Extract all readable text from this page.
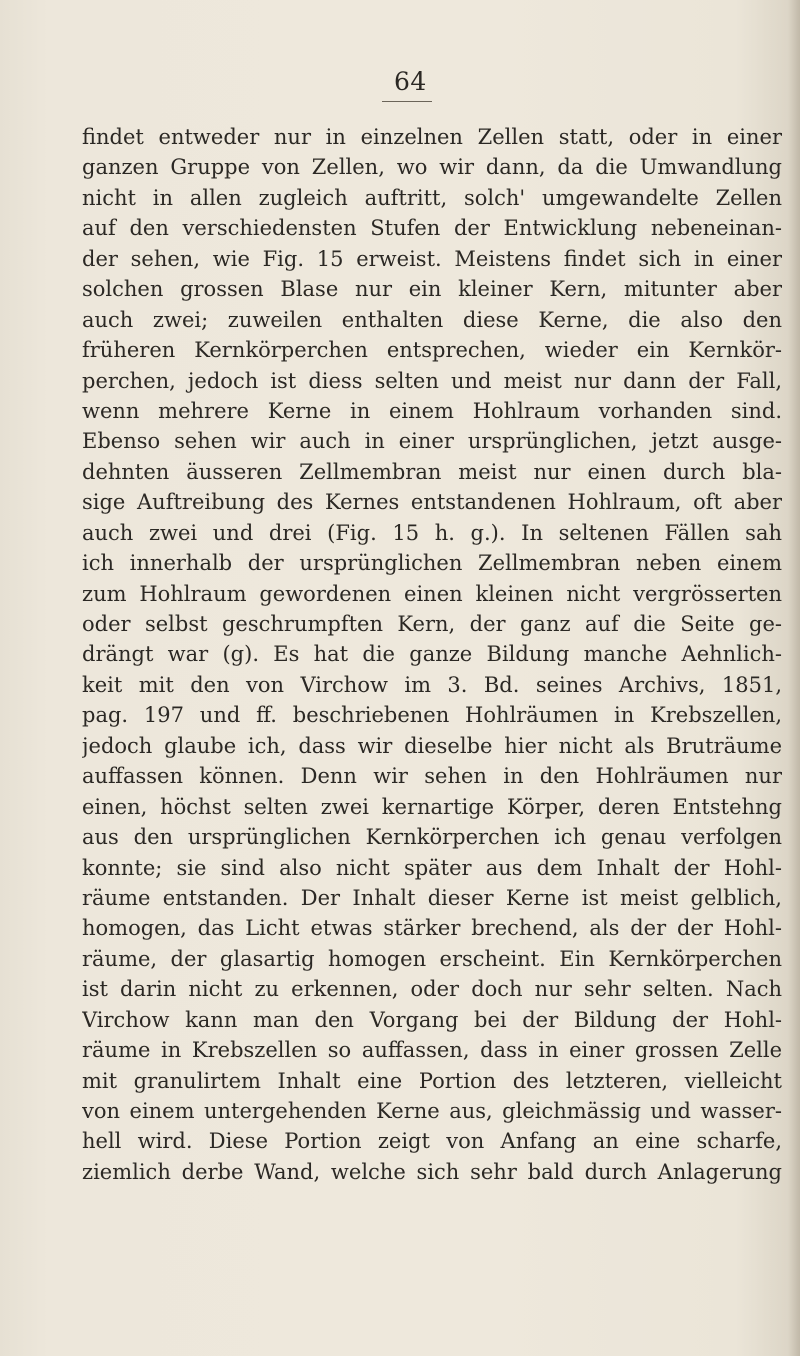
64
findet entweder nur in einzelnen Zellen statt, oder in einer
ganzen Gruppe von Zellen, wo wir dann, da die Umwandlung
nicht in allen zugleich auftritt, solch' umgewandelte Zellen
auf den verschiedensten Stufen der Entwicklung nebeneinan-
der sehen, wie Fig. 15 erweist. Meistens findet sich in einer
solchen grossen Blase nur ein kleiner Kern, mitunter aber
auch zwei; zuweilen enthalten diese Kerne, die also den
früheren Kernkörperchen entsprechen, wieder ein Kernkör-
perchen, jedoch ist diess selten und meist nur dann der Fall,
wenn mehrere Kerne in einem Hohlraum vorhanden sind.
Ebenso sehen wir auch in einer ursprünglichen, jetzt ausge-
dehnten äusseren Zellmembran meist nur einen durch bla-
sige Auftreibung des Kernes entstandenen Hohlraum, oft aber
auch zwei und drei (Fig. 15 h. g.). In seltenen Fällen sah
ich innerhalb der ursprünglichen Zellmembran neben einem
zum Hohlraum gewordenen einen kleinen nicht vergrösserten
oder selbst geschrumpften Kern, der ganz auf die Seite ge-
drängt war (g). Es hat die ganze Bildung manche Aehnlich-
keit mit den von Virchow im 3. Bd. seines Archivs, 1851,
pag. 197 und ff. beschriebenen Hohlräumen in Krebszellen,
jedoch glaube ich, dass wir dieselbe hier nicht als Bruträume
auffassen können. Denn wir sehen in den Hohlräumen nur
einen, höchst selten zwei kernartige Körper, deren Entstehng
aus den ursprünglichen Kernkörperchen ich genau verfolgen
konnte; sie sind also nicht später aus dem Inhalt der Hohl-
räume entstanden. Der Inhalt dieser Kerne ist meist gelblich,
homogen, das Licht etwas stärker brechend, als der der Hohl-
räume, der glasartig homogen erscheint. Ein Kernkörperchen
ist darin nicht zu erkennen, oder doch nur sehr selten. Nach
Virchow kann man den Vorgang bei der Bildung der Hohl-
räume in Krebszellen so auffassen, dass in einer grossen Zelle
mit granulirtem Inhalt eine Portion des letzteren, vielleicht
von einem untergehenden Kerne aus, gleichmässig und wasser-
hell wird. Diese Portion zeigt von Anfang an eine scharfe,
ziemlich derbe Wand, welche sich sehr bald durch Anlagerung
